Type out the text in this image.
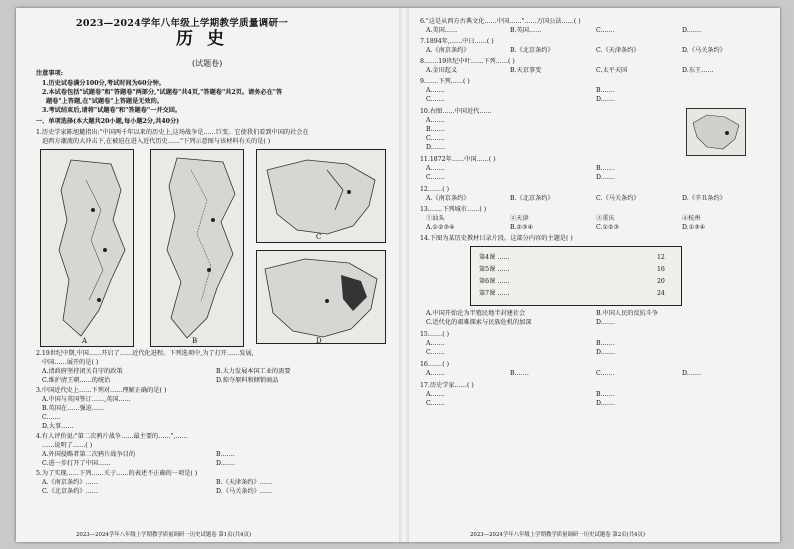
2023—2024学年八年级上学期教学质量调研一
历史
(试题卷)
注意事项:
1.历史试卷满分100分,考试时间为60分钟。
2.本试卷包括"试题卷"和"答题卷"两部分,"试题卷"共4页,"答题卷"共2页。请务必在"答
题卷"上答题,在"试题卷"上答题是无效的。
3.考试结束后,请将"试题卷"和"答题卷"一并交回。
一、单项选择(本大题共20小题,每小题2分,共40分)
1.历史学家陈旭麓指出:"中国两千年以来的历史上,这场战争是……巨变。它使我们看到中国的社会在
迫西方潮流的大冲击下,在被迫在进入近代历史……"下列示意图与该材料有关的是( )
A	B
C
D
2.19世纪中期,中国……开启了……近代化进程。下列选项中,为了打开……发展,
中国……展开的是( )
A.清政府坚持闭关自守的政策	B.大力发展本国工业的需要
C.维护清王朝……的统治	D.掠夺原料和倾销商品
3.中国近代史上……下列对……理解正确的是( )
A.中国与英国签订……,英国……
B.英国在……强迫……
C.……
D.大事……
4.有人评价说:"第二次鸦片战争……最主要的……",……
……说明了……( )
A.外国侵略者第二次鸦片战争目的	B.……
C.进一步打开了中国……	D.……
5.为了实现……下列……关于……的表述不正确的一项是( )
A.《南京条约》……	B.《天津条约》……
C.《北京条约》……	D.《马关条约》……
2023—2024学年八年级上学期教学质量调研一历史试题卷 第1页(共4页)
6."这是从西方古典文化……中国……"……万国公法……( )
A.美国……	B.英国……	C.……	D.……
7.1894年,……中日……( )
A.《南京条约》	B.《北京条约》	C.《天津条约》	D.《马关条约》
8.……19世纪中叶……下列……( )
A.金田起义	B.天京事变	C.太平天国	D.东王……
9.……下列……( )
A.……	B.……
C.……	D.……
10.右图……中国近代……
A.……
B.……
C.……
D.……
11.1872年……中国……( )
A.……	B.……
C.……	D.……
12.……( )
A.《南京条约》	B.《北京条约》	C.《马关条约》	D.《辛丑条约》
13.……下列城市……( )
①汕头	②天津	③重庆	④杭州
A.①②③④	B.②③④	C.①②③	D.①③④
14.下图为某历史教材目录片段。这部分内容的主题是( )
第4课 ……	12
第5课 ……	16
第6课 ……	20
第7课 ……	24
A.中国开始沦为半殖民地半封建社会	B.中国人民的反抗斗争
C.近代化的艰难探索与民族危机的加深	D.……
15.……( )
A.……	B.……
C.……	D.……
16.……( )
A.……	B.……	C.……	D.……
17.历史学家……( )
A.……	B.……
C.……	D.……
2023—2024学年八年级上学期教学质量调研一历史试题卷 第2页(共4页)
